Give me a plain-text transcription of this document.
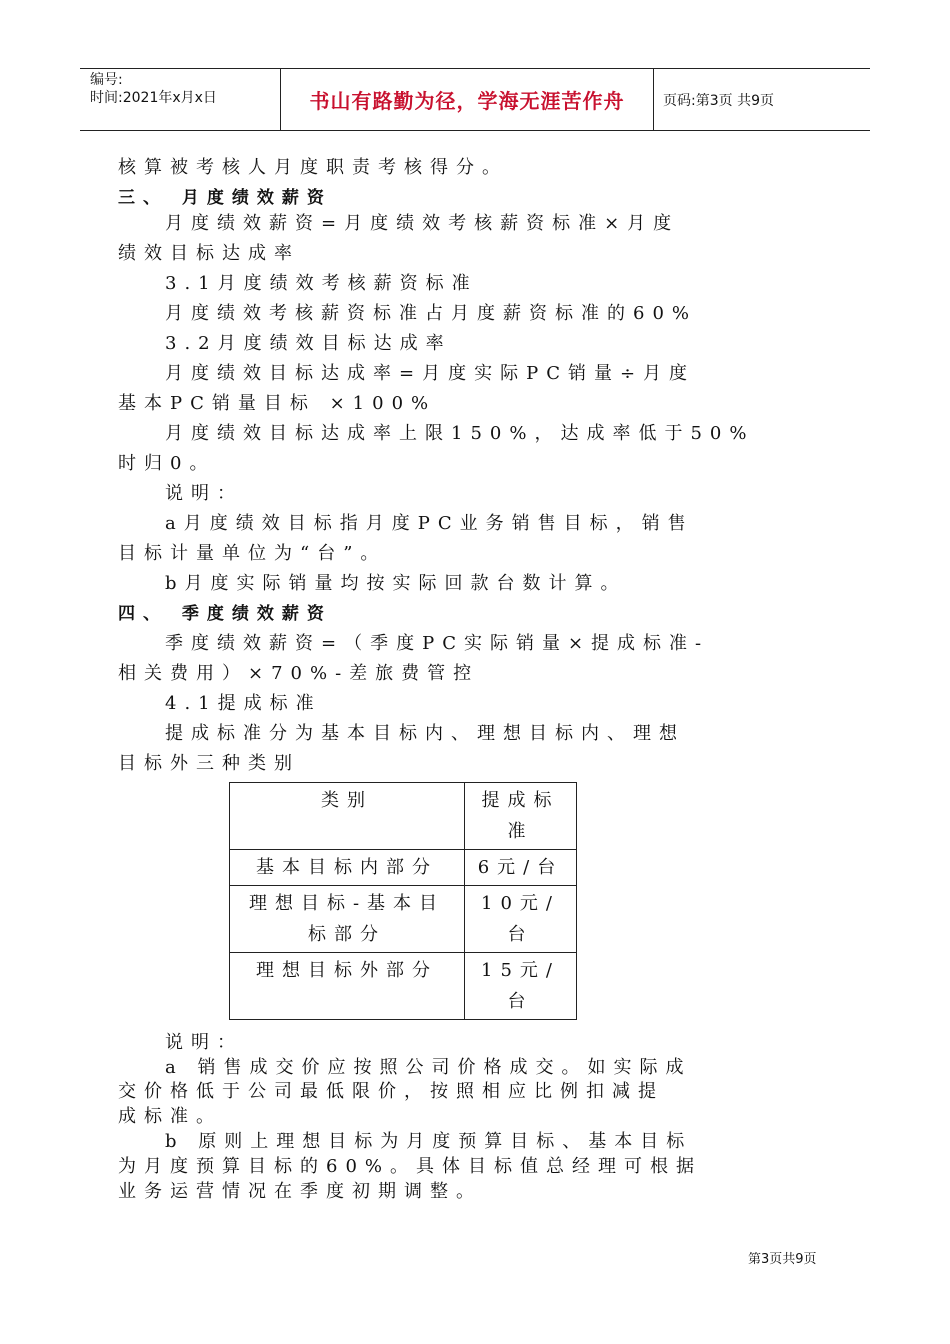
编号:
时间:2021年x月x日	书山有路勤为径，学海无涯苦作舟	页码:第3页 共9页
核算被考核人月度职责考核得分。
三、 月度绩效薪资
月度绩效薪资=月度绩效考核薪资标准×月度
绩效目标达成率
3.1月度绩效考核薪资标准
月度绩效考核薪资标准占月度薪资标准的60%
3.2月度绩效目标达成率
月度绩效目标达成率=月度实际PC销量÷月度
基本PC销量目标 ×100%
月度绩效目标达成率上限150%，达成率低于50%
时归0。
说明：
a月度绩效目标指月度PC业务销售目标，销售
目标计量单位为“台”。
b月度实际销量均按实际回款台数计算。
四、 季度绩效薪资
季度绩效薪资=（季度PC实际销量×提成标准-
相关费用）×70%-差旅费管控
4.1提成标准
提成标准分为基本目标内、理想目标内、理想
目标外三种类别
类别	提成标准
基本目标内部分	6元/台
理想目标-基本目标部分	10元/台
理想目标外部分	15元/台
说明：
a 销售成交价应按照公司价格成交。如实际成
交价格低于公司最低限价，按照相应比例扣减提
成标准。
b 原则上理想目标为月度预算目标、基本目标
为月度预算目标的60%。具体目标值总经理可根据
业务运营情况在季度初期调整。
第3页共9页
